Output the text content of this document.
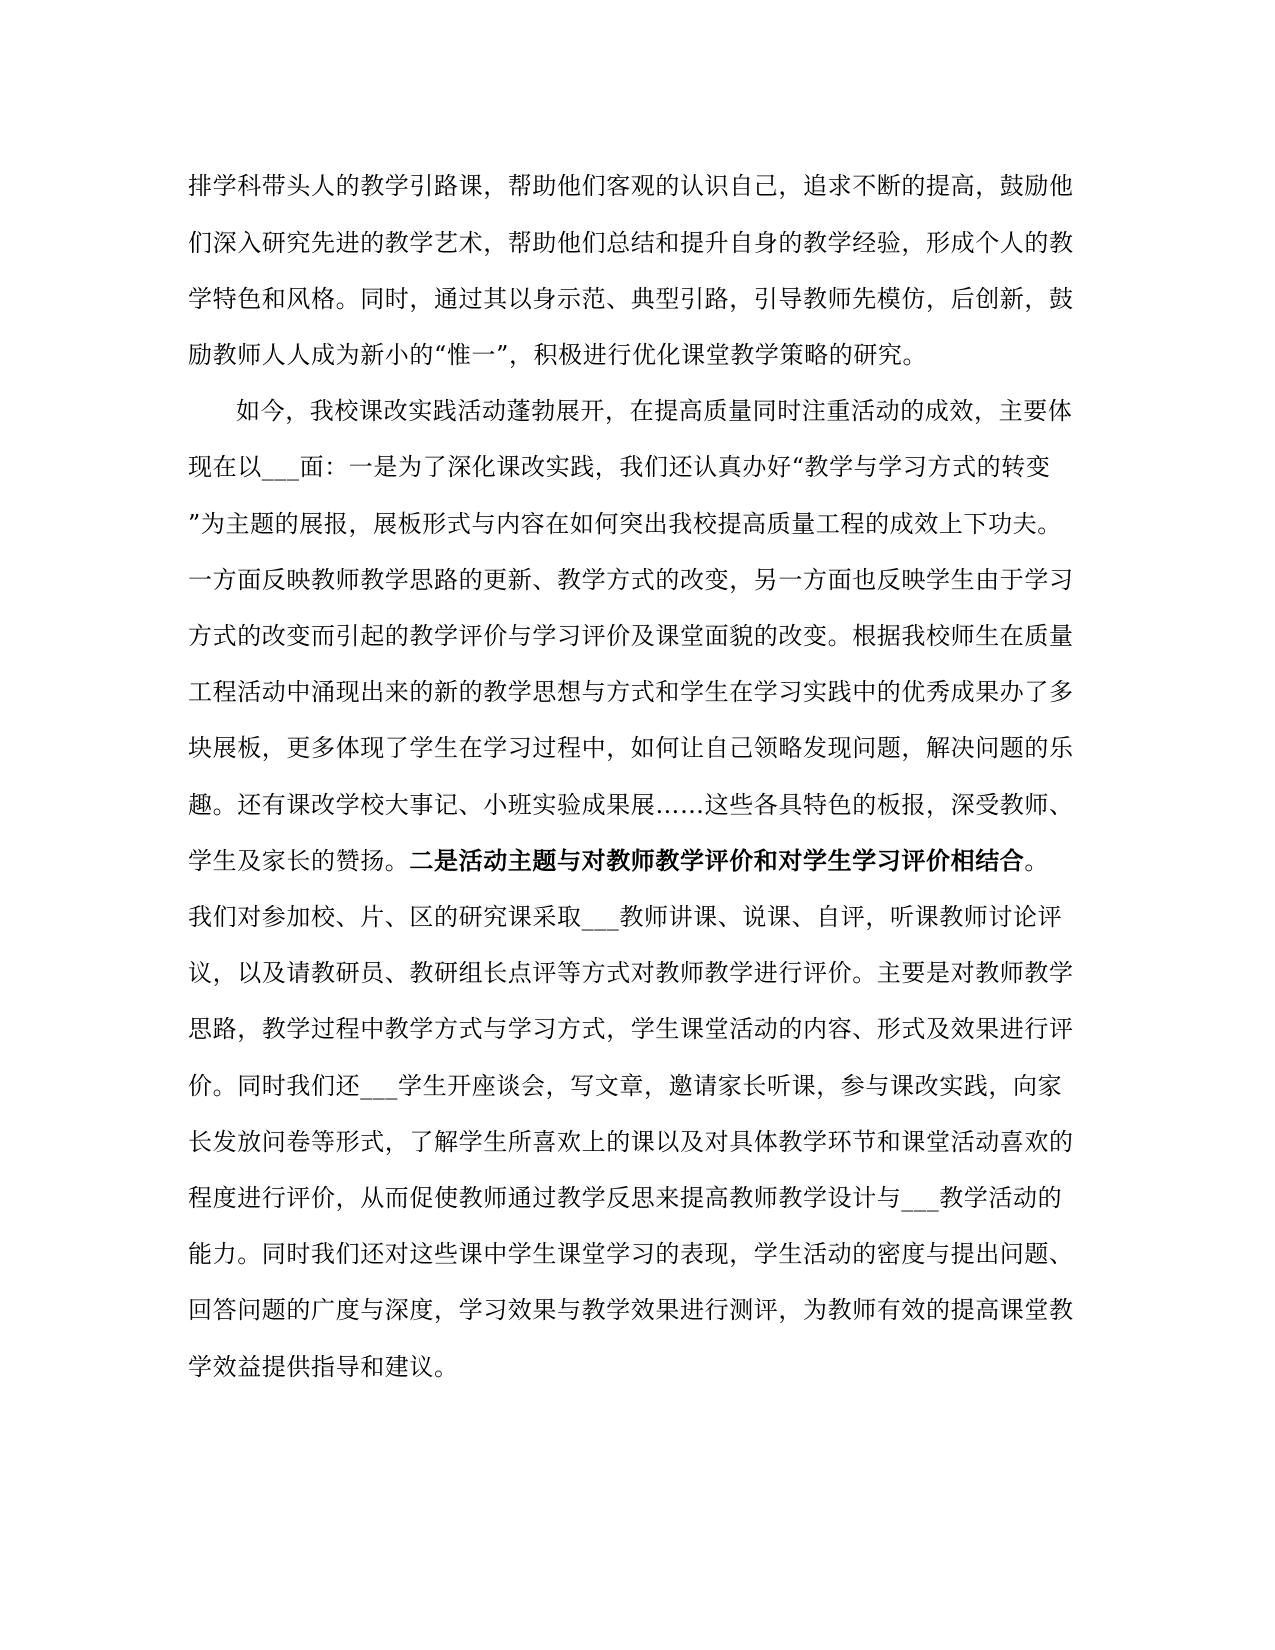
排学科带头人的教学引路课，帮助他们客观的认识自己，追求不断的提高，鼓励他
们深入研究先进的教学艺术，帮助他们总结和提升自身的教学经验，形成个人的教
学特色和风格。同时，通过其以身示范、典型引路，引导教师先模仿，后创新，鼓
励教师人人成为新小的“惟一”，积极进行优化课堂教学策略的研究。
如今，我校课改实践活动蓬勃展开，在提高质量同时注重活动的成效，主要体
现在以___面：一是为了深化课改实践，我们还认真办好“教学与学习方式的转变
”为主题的展报，展板形式与内容在如何突出我校提高质量工程的成效上下功夫。
一方面反映教师教学思路的更新、教学方式的改变，另一方面也反映学生由于学习
方式的改变而引起的教学评价与学习评价及课堂面貌的改变。根据我校师生在质量
工程活动中涌现出来的新的教学思想与方式和学生在学习实践中的优秀成果办了多
块展板，更多体现了学生在学习过程中，如何让自己领略发现问题，解决问题的乐
趣。还有课改学校大事记、小班实验成果展……这些各具特色的板报，深受教师、
学生及家长的赞扬。二是活动主题与对教师教学评价和对学生学习评价相结合。
我们对参加校、片、区的研究课采取___教师讲课、说课、自评，听课教师讨论评
议，以及请教研员、教研组长点评等方式对教师教学进行评价。主要是对教师教学
思路，教学过程中教学方式与学习方式，学生课堂活动的内容、形式及效果进行评
价。同时我们还___学生开座谈会，写文章，邀请家长听课，参与课改实践，向家
长发放问卷等形式，了解学生所喜欢上的课以及对具体教学环节和课堂活动喜欢的
程度进行评价，从而促使教师通过教学反思来提高教师教学设计与___教学活动的
能力。同时我们还对这些课中学生课堂学习的表现，学生活动的密度与提出问题、
回答问题的广度与深度，学习效果与教学效果进行测评，为教师有效的提高课堂教
学效益提供指导和建议。
